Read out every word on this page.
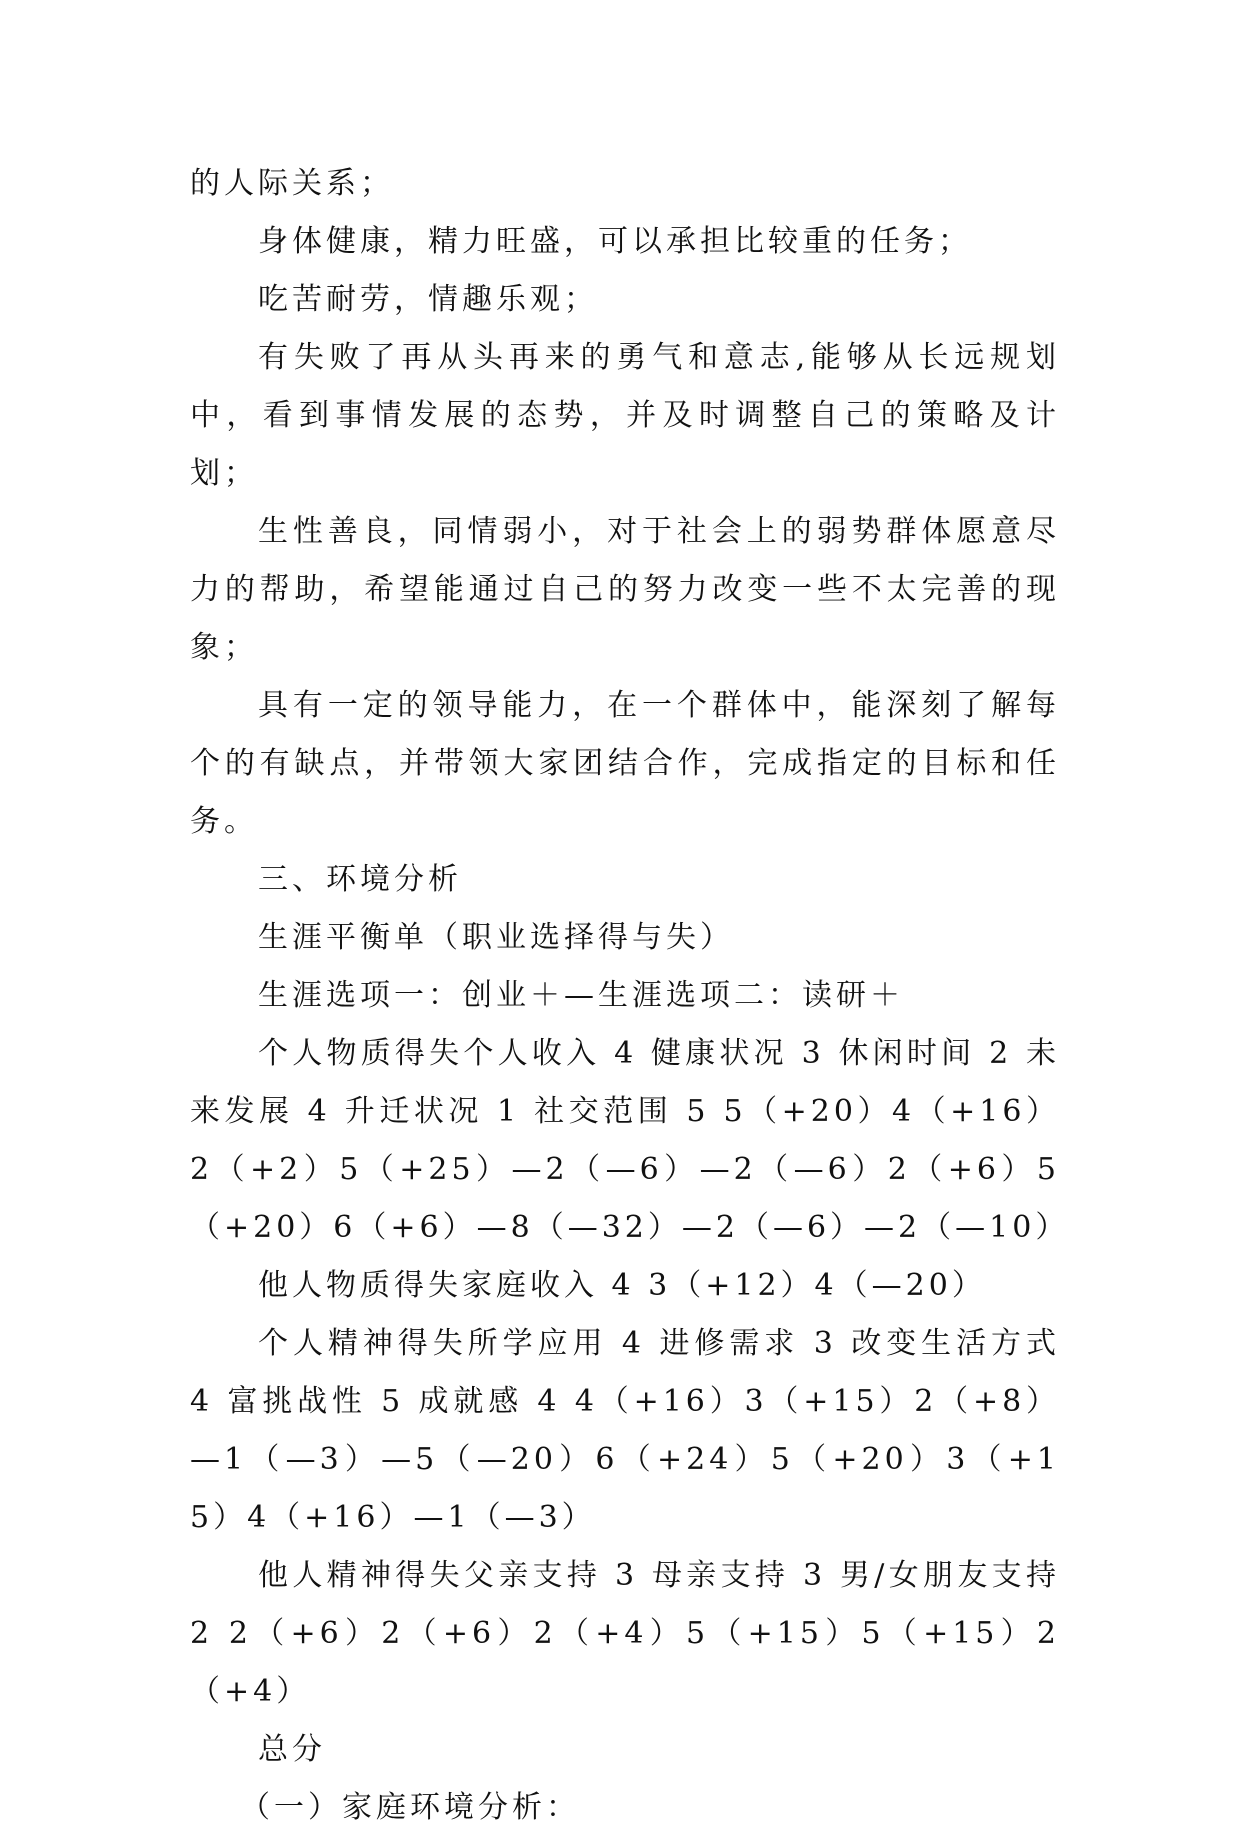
的人际关系；

身体健康，精力旺盛，可以承担比较重的任务；

吃苦耐劳，情趣乐观；

有失败了再从头再来的勇气和意志,能够从长远规划中，看到事情发展的态势，并及时调整自己的策略及计划；

生性善良，同情弱小，对于社会上的弱势群体愿意尽力的帮助，希望能通过自己的努力改变一些不太完善的现象；

具有一定的领导能力，在一个群体中，能深刻了解每个的有缺点，并带领大家团结合作，完成指定的目标和任务。

三、环境分析

生涯平衡单（职业选择得与失）

生涯选项一：创业＋—生涯选项二：读研＋

个人物质得失个人收入 4 健康状况 3 休闲时间 2 未来发展 4 升迁状况 1 社交范围 5 5（+20）4（+16）2（+2）5（+25）—2（—6）—2（—6）2（+6）5（+20）6（+6）—8（—32）—2（—6）—2（—10）

他人物质得失家庭收入 4 3（+12）4（—20）

个人精神得失所学应用 4 进修需求 3 改变生活方式 4 富挑战性 5 成就感 4 4（+16）3（+15）2（+8）—1（—3）—5（—20）6（+24）5（+20）3（+15）4（+16）—1（—3）

他人精神得失父亲支持 3 母亲支持 3 男/女朋友支持 2 2（+6）2（+6）2（+4）5（+15）5（+15）2（+4）

总分

（一）家庭环境分析：
